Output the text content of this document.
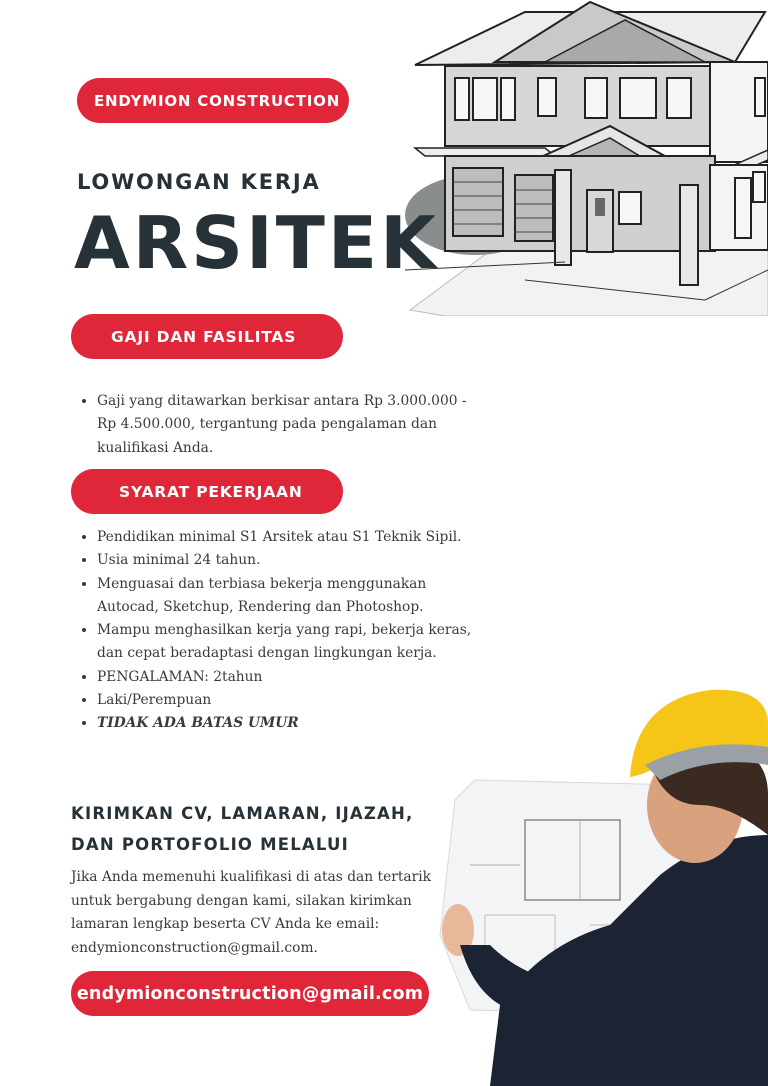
ENDYMION CONSTRUCTION
LOWONGAN KERJA
ARSITEK
GAJI DAN FASILITAS
• Gaji yang ditawarkan berkisar antara Rp 3.000.000 - Rp 4.500.000, tergantung pada pengalaman dan kualifikasi Anda.
SYARAT PEKERJAAN
• Pendidikan minimal S1 Arsitek atau S1 Teknik Sipil.
• Usia minimal 24 tahun.
• Menguasai dan terbiasa bekerja menggunakan Autocad, Sketchup, Rendering dan Photoshop.
• Mampu menghasilkan kerja yang rapi, bekerja keras, dan cepat beradaptasi dengan lingkungan kerja.
• PENGALAMAN: 2tahun
• Laki/Perempuan
• TIDAK ADA BATAS UMUR
KIRIMKAN CV, LAMARAN, IJAZAH, DAN PORTOFOLIO MELALUI
Jika Anda memenuhi kualifikasi di atas dan tertarik untuk bergabung dengan kami, silakan kirimkan lamaran lengkap beserta CV Anda ke email: endymionconstruction@gmail.com.
endymionconstruction@gmail.com
